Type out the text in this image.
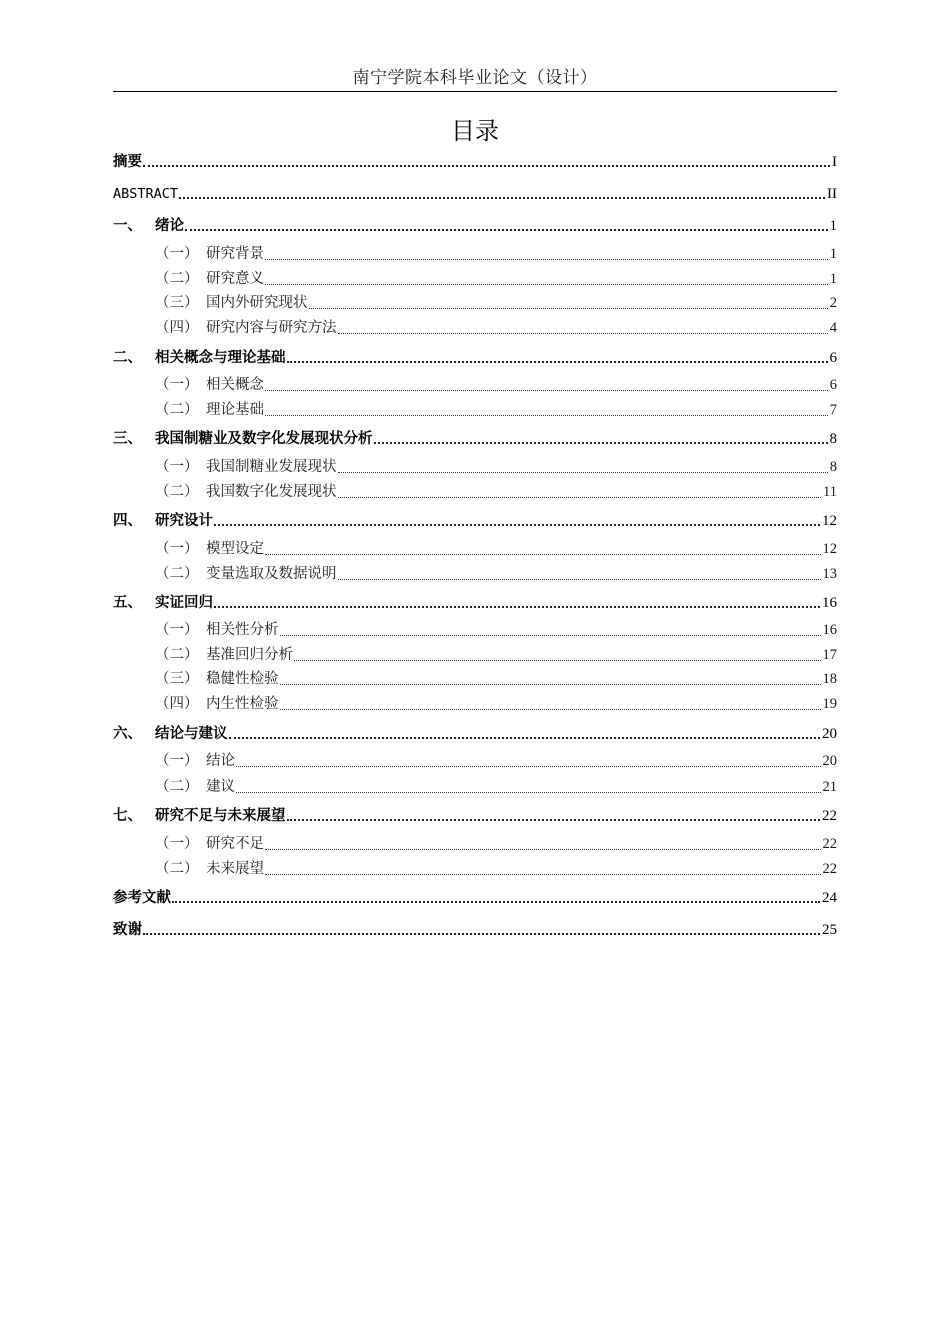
南宁学院本科毕业论文（设计）
目录
摘要	I
ABSTRACT	II
一、 绪论	1
（一） 研究背景	1
（二） 研究意义	1
（三） 国内外研究现状	2
（四） 研究内容与研究方法	4
二、 相关概念与理论基础	6
（一） 相关概念	6
（二） 理论基础	7
三、 我国制糖业及数字化发展现状分析	8
（一） 我国制糖业发展现状	8
（二） 我国数字化发展现状	11
四、 研究设计	12
（一） 模型设定	12
（二） 变量选取及数据说明	13
五、 实证回归	16
（一） 相关性分析	16
（二） 基准回归分析	17
（三） 稳健性检验	18
（四） 内生性检验	19
六、 结论与建议	20
（一） 结论	20
（二） 建议	21
七、 研究不足与未来展望	22
（一） 研究不足	22
（二） 未来展望	22
参考文献	24
致谢	25
